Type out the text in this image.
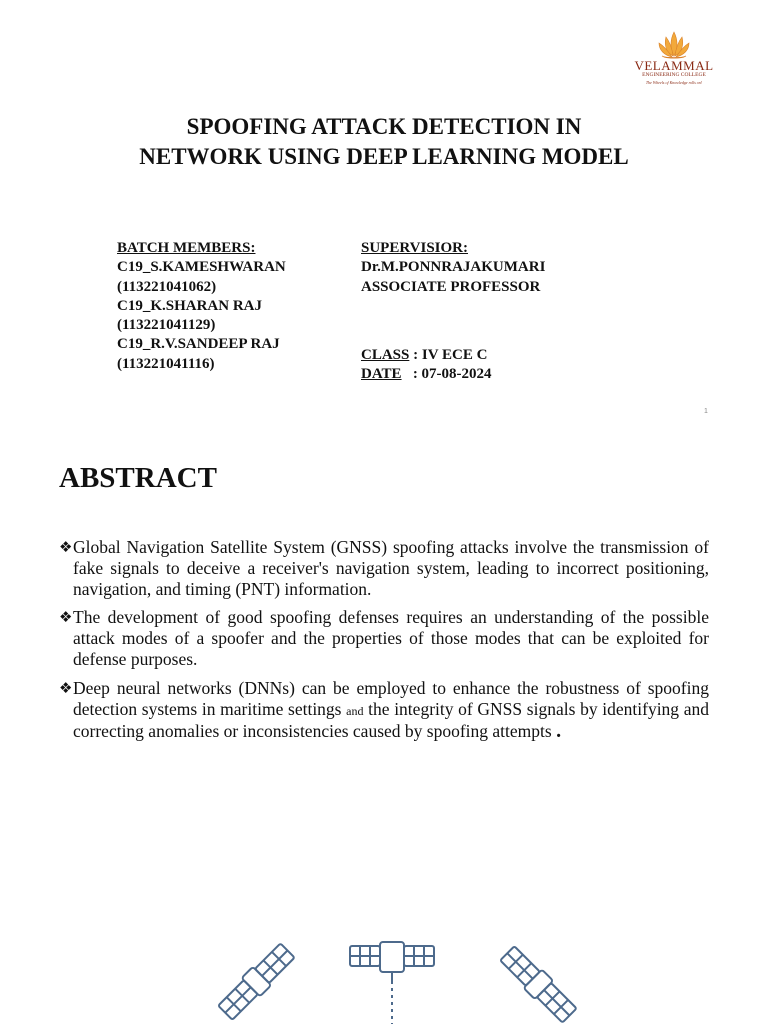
VELAMMAL
ENGINEERING COLLEGE
The Wheels of Knowledge rolls on!
SPOOFING ATTACK DETECTION IN
NETWORK USING DEEP LEARNING MODEL
BATCH MEMBERS:
C19_S.KAMESHWARAN
(113221041062)
C19_K.SHARAN RAJ
(113221041129)
C19_R.V.SANDEEP RAJ
(113221041116)
SUPERVISIOR:
Dr.M.PONNRAJAKUMARI
ASSOCIATE PROFESSOR
CLASS : IV ECE C
DATE   : 07-08-2024
1
ABSTRACT
❖ Global Navigation Satellite System (GNSS) spoofing attacks involve the transmission of fake signals to deceive a receiver's navigation system, leading to incorrect positioning, navigation, and timing (PNT) information.
❖ The development of good spoofing defenses requires an understanding of the possible attack modes of a spoofer and the properties of those modes that can be exploited for defense purposes.
❖ Deep neural networks (DNNs) can be employed to enhance the robustness of spoofing detection systems in maritime settings and the integrity of GNSS signals by identifying and correcting anomalies or inconsistencies caused by spoofing attempts .
